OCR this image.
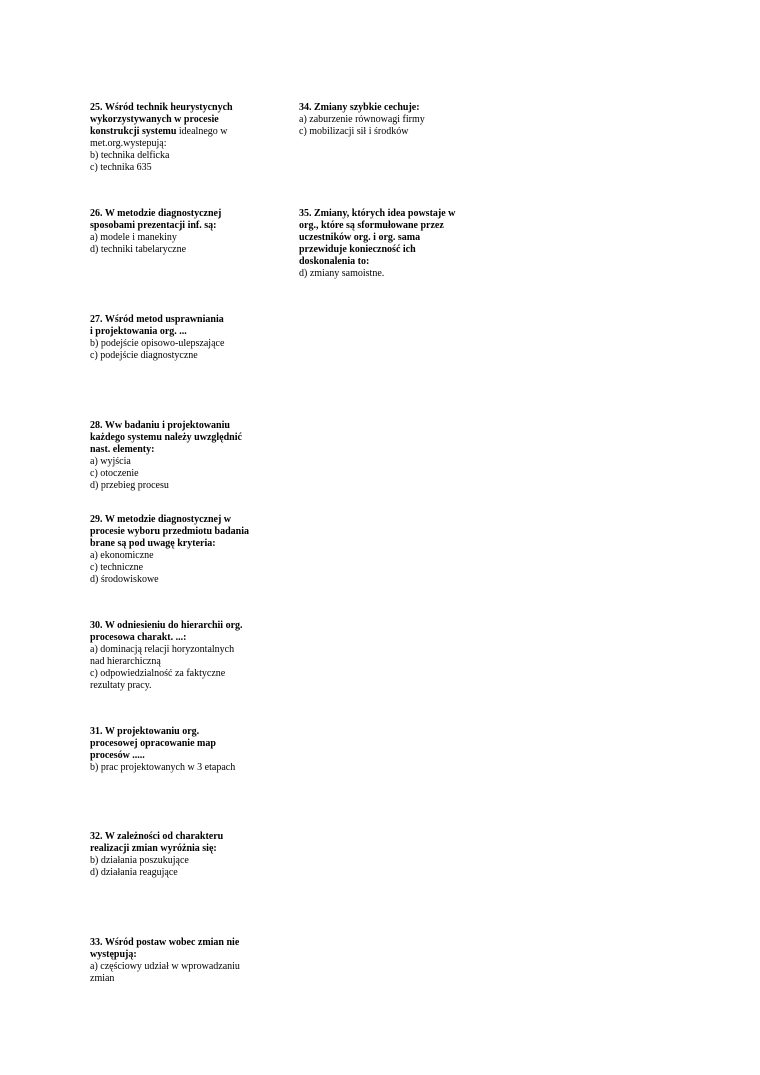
25. Wśród technik heurystycnych
wykorzystywanych w procesie
konstrukcji systemu idealnego w
met.org.wystepują:
b) technika delficka
c) technika 635
26. W metodzie diagnostycznej
sposobami prezentacji inf. są:
a) modele i manekiny
d) techniki tabelaryczne
27. Wśród metod usprawniania
i projektowania org. ...
b) podejście opisowo-ulepszające
c) podejście diagnostyczne
28. Ww badaniu i projektowaniu
każdego systemu należy uwzględnić
nast. elementy:
a) wyjścia
c) otoczenie
d) przebieg procesu
29. W metodzie diagnostycznej w
procesie wyboru przedmiotu badania
brane są pod uwagę kryteria:
a) ekonomiczne
c) techniczne
d) środowiskowe
30. W odniesieniu do hierarchii org.
procesowa charakt. ...:
a) dominacją relacji horyzontalnych
nad hierarchiczną
c) odpowiedzialność za faktyczne
rezultaty pracy.
31. W projektowaniu org.
procesowej opracowanie map
procesów .....
b) prac projektowanych w 3 etapach
32. W zależności od charakteru
realizacji zmian wyróżnia się:
b) działania poszukujące
d) działania reagujące
33. Wśród postaw wobec zmian nie
występują:
a) częściowy udział w wprowadzaniu
zmian
34. Zmiany szybkie cechuje:
a) zaburzenie równowagi firmy
c) mobilizacji sił i środków
35. Zmiany, których idea powstaje w
org., które są sformułowane przez
uczestników org. i org. sama
przewiduje konieczność ich
doskonalenia to:
d) zmiany samoistne.
